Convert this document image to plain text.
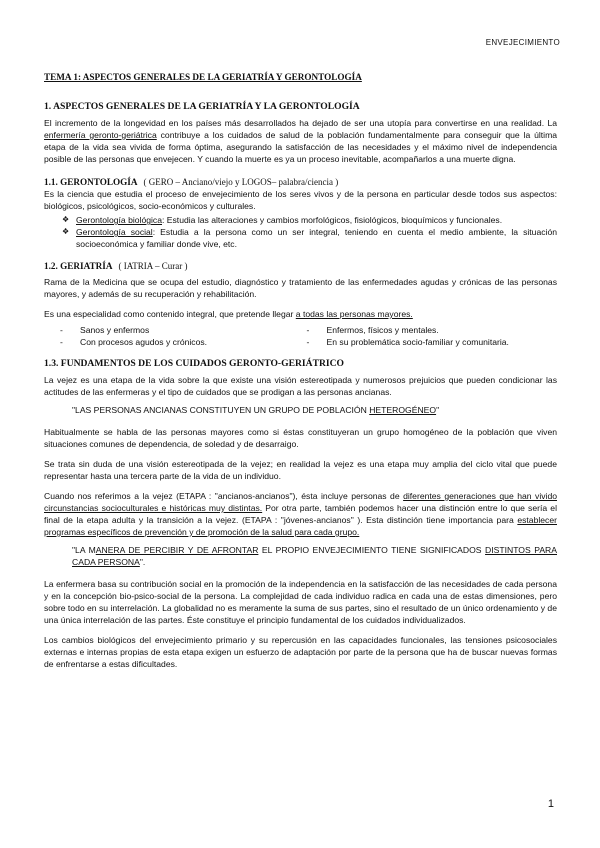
ENVEJECIMIENTO
TEMA 1: ASPECTOS GENERALES DE LA GERIATRÍA Y GERONTOLOGÍA
1. ASPECTOS GENERALES DE LA GERIATRÍA Y LA GERONTOLOGÍA

El incremento de la longevidad en los países más desarrollados ha dejado de ser una utopía para convertirse en una realidad. La enfermería geronto-geriátrica contribuye a los cuidados de salud de la población fundamentalmente para conseguir que la última etapa de la vida sea vivida de forma óptima, asegurando la satisfacción de las necesidades y el máximo nivel de independencia posible de las personas que envejecen. Y cuando la muerte es ya un proceso inevitable, acompañarlos a una muerte digna.

1.1. GERONTOLOGÍA ( GERO – Anciano/viejo y LOGOS– palabra/ciencia )

Es la ciencia que estudia el proceso de envejecimiento de los seres vivos y de la persona en particular desde todos sus aspectos: biológicos, psicológicos, socio-económicos y culturales.

❖ Gerontología biológica: Estudia las alteraciones y cambios morfológicos, fisiológicos, bioquímicos y funcionales.
❖ Gerontología social: Estudia a la persona como un ser integral, teniendo en cuenta el medio ambiente, la situación socioeconómica y familiar donde vive, etc.
1.2. GERIATRÍA ( IATRIA – Curar )

Rama de la Medicina que se ocupa del estudio, diagnóstico y tratamiento de las enfermedades agudas y crónicas de las personas mayores, y además de su recuperación y rehabilitación.

Es una especialidad como contenido integral, que pretende llegar a todas las personas mayores.

-	Sanos y enfermos
-	Con procesos agudos y crónicos.
-	Enfermos, físicos y mentales.
-	En su problemática socio-familiar y comunitaria.
1.3. FUNDAMENTOS DE LOS CUIDADOS GERONTO-GERIÁTRICO

La vejez es una etapa de la vida sobre la que existe una visión estereotipada y numerosos prejuicios que pueden condicionar las actitudes de las enfermeras y el tipo de cuidados que se prodigan a las personas ancianas.

"LAS PERSONAS ANCIANAS CONSTITUYEN UN GRUPO DE POBLACIÓN HETEROGÉNEO"

Habitualmente se habla de las personas mayores como si éstas constituyeran un grupo homogéneo de la población que viven situaciones comunes de dependencia, de soledad y de desarraigo.

Se trata sin duda de una visión estereotipada de la vejez; en realidad la vejez es una etapa muy amplia del ciclo vital que puede representar hasta una tercera parte de la vida de un individuo.

Cuando nos referimos a la vejez (ETAPA : "ancianos-ancianos"), ésta incluye personas de diferentes generaciones que han vivido circunstancias socioculturales e históricas muy distintas. Por otra parte, también podemos hacer una distinción entre lo que sería el final de la etapa adulta y la transición a la vejez. (ETAPA : "jóvenes-ancianos" ). Esta distinción tiene importancia para establecer programas específicos de prevención y de promoción de la salud para cada grupo.

"LA MANERA DE PERCIBIR Y DE AFRONTAR EL PROPIO ENVEJECIMIENTO TIENE SIGNIFICADOS DISTINTOS PARA CADA PERSONA".

La enfermera basa su contribución social en la promoción de la independencia en la satisfacción de las necesidades de cada persona y en la concepción bio-psico-social de la persona. La complejidad de cada individuo radica en cada una de estas dimensiones, pero sobre todo en su interrelación. La globalidad no es meramente la suma de sus partes, sino el resultado de un único ordenamiento y de una única interrelación de las partes. Éste constituye el principio fundamental de los cuidados individualizados.

Los cambios biológicos del envejecimiento primario y su repercusión en las capacidades funcionales, las tensiones psicosociales externas e internas propias de esta etapa exigen un esfuerzo de adaptación por parte de la persona que ha de buscar nuevas formas de enfrentarse a estas dificultades.

1
